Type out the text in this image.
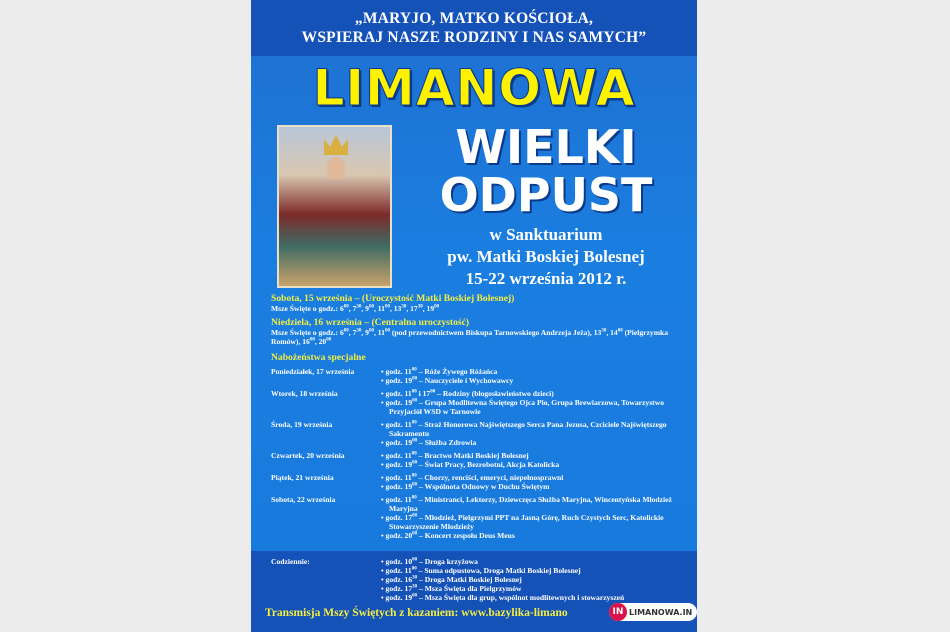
„MARYJO, MATKO KOŚCIOŁA,
WSPIERAJ NASZE RODZINY I NAS SAMYCH”
LIMANOWA
WIELKI
ODPUST
w Sanktuarium
pw. Matki Boskiej Bolesnej
15-22 września 2012 r.
Sobota, 15 września – (Uroczystość Matki Boskiej Bolesnej)
Msze Święte o godz.: $6^{00}$, $7^{30}$, $9^{00}$, $11^{00}$, $13^{30}$, $17^{30}$, $19^{00}$
Niedziela, 16 września – (Centralna uroczystość)
Msze Święte o godz.: $6^{00}$, $7^{30}$, $9^{00}$, $11^{00}$ (pod przewodnictwem Biskupa Tarnowskiego Andrzeja Jeża), $13^{30}$, $14^{00}$ (Pielgrzymka Romów), $16^{00}$, $20^{00}$
Nabożeństwa specjalne
Poniedziałek, 17 września	• godz. $11^{00}$ – Róże Żywego Różańca
• godz. $19^{00}$ – Nauczyciele i Wychowawcy
Wtorek, 18 września	• godz. $11^{00}$ i $17^{00}$ – Rodziny (błogosławieństwo dzieci)
• godz. $19^{00}$ – Grupa Modlitewna Świętego Ojca Pio, Grupa Brewiarzowa, Towarzystwo Przyjaciół WSD w Tarnowie
Środa, 19 września	• godz. $11^{00}$ – Straż Honorowa Najświętszego Serca Pana Jezusa, Czciciele Najświętszego Sakramentu
• godz. $19^{00}$ – Służba Zdrowia
Czwartek, 20 września	• godz. $11^{00}$ – Bractwo Matki Boskiej Bolesnej
• godz. $19^{00}$ – Świat Pracy, Bezrobotni, Akcja Katolicka
Piątek, 21 września	• godz. $11^{00}$ – Chorzy, renciści, emeryci, niepełnosprawni
• godz. $19^{00}$ – Wspólnota Odnowy w Duchu Świętym
Sobota, 22 września	• godz. $11^{00}$ – Ministranci, Lektorzy, Dziewczęca Służba Maryjna, Wincentyńska Młodzież Maryjna
• godz. $17^{00}$ – Młodzież, Pielgrzymi PPT na Jasną Górę, Ruch Czystych Serc, Katolickie Stowarzyszenie Młodzieży
• godz. $20^{00}$ – Koncert zespołu Deus Meus
Codziennie:	• godz. $10^{00}$ – Droga krzyżowa
• godz. $11^{00}$ – Suma odpustowa, Droga Matki Boskiej Bolesnej
• godz. $16^{30}$ – Droga Matki Boskiej Bolesnej
• godz. $17^{30}$ – Msza Święta dla Pielgrzymów
• godz. $19^{00}$ – Msza Święta dla grup, wspólnot modlitewnych i stowarzyszeń
Transmisja Mszy Świętych z kazaniem: www.bazylika-limano	IN LIMANOWA.IN
